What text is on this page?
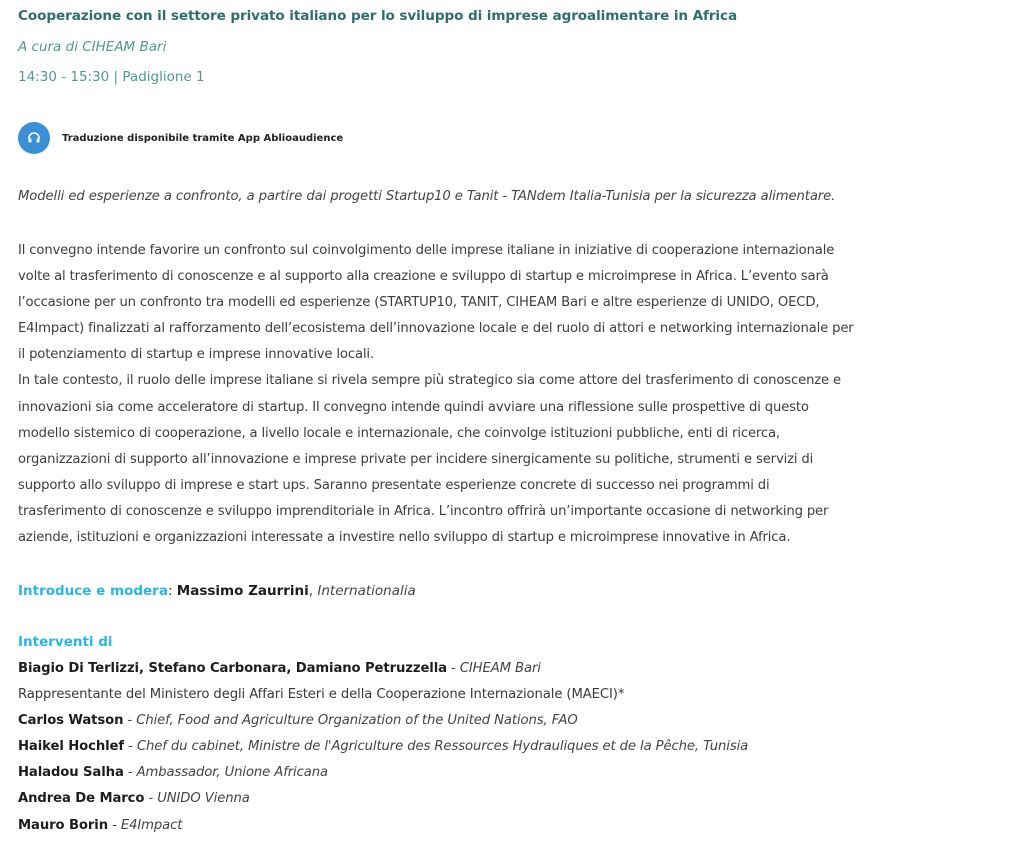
Cooperazione con il settore privato italiano per lo sviluppo di imprese agroalimentare in Africa
A cura di CIHEAM Bari
14:30 - 15:30 | Padiglione 1
Traduzione disponibile tramite App Ablioaudience
Modelli ed esperienze a confronto, a partire dai progetti Startup10 e Tanit - TANdem Italia-Tunisia per la sicurezza alimentare.
Il convegno intende favorire un confronto sul coinvolgimento delle imprese italiane in iniziative di cooperazione internazionale
volte al trasferimento di conoscenze e al supporto alla creazione e sviluppo di startup e microimprese in Africa. L’evento sarà
l’occasione per un confronto tra modelli ed esperienze (STARTUP10, TANIT, CIHEAM Bari e altre esperienze di UNIDO, OECD,
E4Impact) finalizzati al rafforzamento dell’ecosistema dell’innovazione locale e del ruolo di attori e networking internazionale per
il potenziamento di startup e imprese innovative locali.
In tale contesto, il ruolo delle imprese italiane si rivela sempre più strategico sia come attore del trasferimento di conoscenze e
innovazioni sia come acceleratore di startup. Il convegno intende quindi avviare una riflessione sulle prospettive di questo
modello sistemico di cooperazione, a livello locale e internazionale, che coinvolge istituzioni pubbliche, enti di ricerca,
organizzazioni di supporto all’innovazione e imprese private per incidere sinergicamente su politiche, strumenti e servizi di
supporto allo sviluppo di imprese e start ups. Saranno presentate esperienze concrete di successo nei programmi di
trasferimento di conoscenze e sviluppo imprenditoriale in Africa. L’incontro offrirà un’importante occasione di networking per
aziende, istituzioni e organizzazioni interessate a investire nello sviluppo di startup e microimprese innovative in Africa.
Introduce e modera: Massimo Zaurrini, Internationalia
Interventi di
Biagio Di Terlizzi, Stefano Carbonara, Damiano Petruzzella - CIHEAM Bari
Rappresentante del Ministero degli Affari Esteri e della Cooperazione Internazionale (MAECI)*
Carlos Watson - Chief, Food and Agriculture Organization of the United Nations, FAO
Haikel Hochlef - Chef du cabinet, Ministre de l'Agriculture des Ressources Hydrauliques et de la Pêche, Tunisia
Haladou Salha - Ambassador, Unione Africana
Andrea De Marco - UNIDO Vienna
Mauro Borin - E4Impact
